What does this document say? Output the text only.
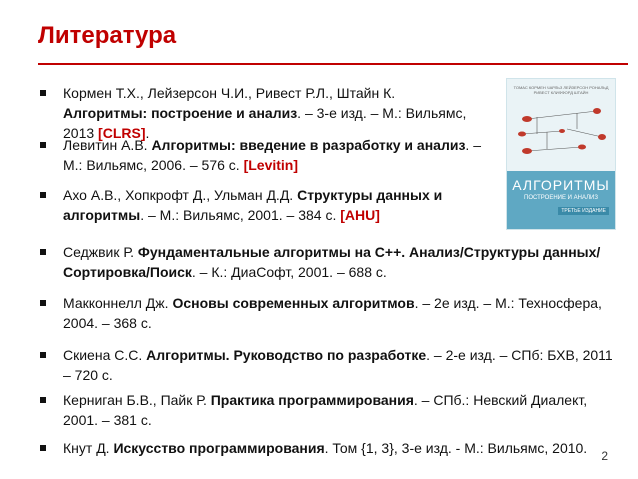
Литература
Кормен Т.Х., Лейзерсон Ч.И., Ривест Р.Л., Штайн К. Алгоритмы: построение и анализ. – 3-е изд. – М.: Вильямс, 2013 [CLRS].
Левитин А.В. Алгоритмы: введение в разработку и анализ. – М.: Вильямс, 2006. – 576 с. [Levitin]
Ахо А.В., Хопкрофт Д., Ульман Д.Д. Структуры данных и алгоритмы. – М.: Вильямс, 2001. – 384 с. [AHU]
Седжвик Р. Фундаментальные алгоритмы на С++. Анализ/Структуры данных/Сортировка/Поиск. – К.: ДиаСофт, 2001. – 688 с.
Макконнелл Дж. Основы современных алгоритмов. – 2е изд. – М.: Техносфера, 2004. – 368 с.
Скиена С.С. Алгоритмы. Руководство по разработке. – 2-е изд. – СПб: БХВ, 2011 – 720 с.
Керниган Б.В., Пайк Р. Практика программирования. – СПб.: Невский Диалект, 2001. – 381 с.
Кнут Д. Искусство программирования. Том {1, 3}, 3-е изд. - М.: Вильямс, 2010.
ТОМАС КОРМЕН ЧАРЛЬЗ ЛЕЙЗЕРСОН РОНАЛЬД РИВЕСТ КЛИФФОРД ШТАЙН
АЛГОРИТМЫ
ПОСТРОЕНИЕ И АНАЛИЗ
ТРЕТЬЕ ИЗДАНИЕ
2
